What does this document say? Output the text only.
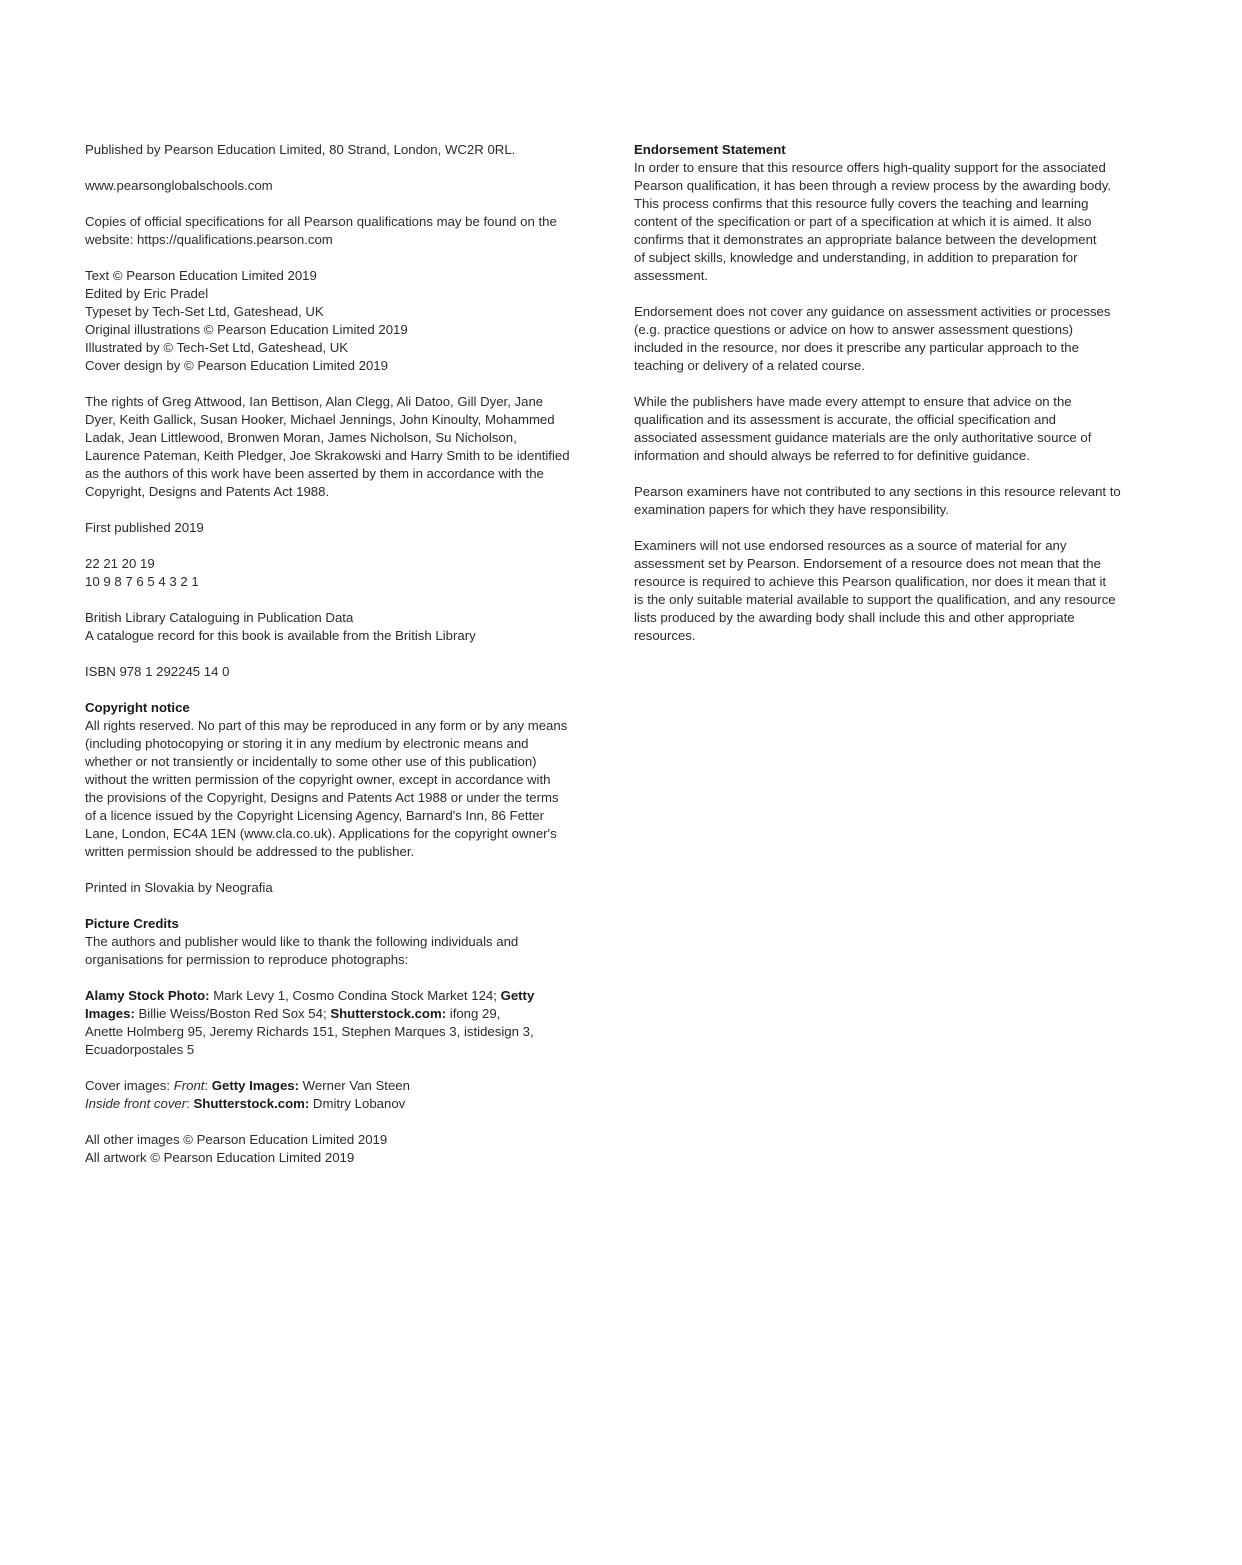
Published by Pearson Education Limited, 80 Strand, London, WC2R 0RL.

www.pearsonglobalschools.com

Copies of official specifications for all Pearson qualifications may be found on the
website: https://qualifications.pearson.com

Text © Pearson Education Limited 2019
Edited by Eric Pradel
Typeset by Tech-Set Ltd, Gateshead, UK
Original illustrations © Pearson Education Limited 2019
Illustrated by © Tech-Set Ltd, Gateshead, UK
Cover design by © Pearson Education Limited 2019

The rights of Greg Attwood, Ian Bettison, Alan Clegg, Ali Datoo, Gill Dyer, Jane
Dyer, Keith Gallick, Susan Hooker, Michael Jennings, John Kinoulty, Mohammed
Ladak, Jean Littlewood, Bronwen Moran, James Nicholson, Su Nicholson,
Laurence Pateman, Keith Pledger, Joe Skrakowski and Harry Smith to be identified
as the authors of this work have been asserted by them in accordance with the
Copyright, Designs and Patents Act 1988.

First published 2019

22 21 20 19
10 9 8 7 6 5 4 3 2 1

British Library Cataloguing in Publication Data
A catalogue record for this book is available from the British Library

ISBN 978 1 292245 14 0

Copyright notice
All rights reserved. No part of this may be reproduced in any form or by any means
(including photocopying or storing it in any medium by electronic means and
whether or not transiently or incidentally to some other use of this publication)
without the written permission of the copyright owner, except in accordance with
the provisions of the Copyright, Designs and Patents Act 1988 or under the terms
of a licence issued by the Copyright Licensing Agency, Barnard's Inn, 86 Fetter
Lane, London, EC4A 1EN (www.cla.co.uk). Applications for the copyright owner's
written permission should be addressed to the publisher.

Printed in Slovakia by Neografia

Picture Credits
The authors and publisher would like to thank the following individuals and
organisations for permission to reproduce photographs:

Alamy Stock Photo: Mark Levy 1, Cosmo Condina Stock Market 124; Getty
Images: Billie Weiss/Boston Red Sox 54; Shutterstock.com: ifong 29,
Anette Holmberg 95, Jeremy Richards 151, Stephen Marques 3, istidesign 3,
Ecuadorpostales 5

Cover images: Front: Getty Images: Werner Van Steen
Inside front cover: Shutterstock.com: Dmitry Lobanov

All other images © Pearson Education Limited 2019
All artwork © Pearson Education Limited 2019

Endorsement Statement
In order to ensure that this resource offers high-quality support for the associated
Pearson qualification, it has been through a review process by the awarding body.
This process confirms that this resource fully covers the teaching and learning
content of the specification or part of a specification at which it is aimed. It also
confirms that it demonstrates an appropriate balance between the development
of subject skills, knowledge and understanding, in addition to preparation for
assessment.

Endorsement does not cover any guidance on assessment activities or processes
(e.g. practice questions or advice on how to answer assessment questions)
included in the resource, nor does it prescribe any particular approach to the
teaching or delivery of a related course.

While the publishers have made every attempt to ensure that advice on the
qualification and its assessment is accurate, the official specification and
associated assessment guidance materials are the only authoritative source of
information and should always be referred to for definitive guidance.

Pearson examiners have not contributed to any sections in this resource relevant to
examination papers for which they have responsibility.

Examiners will not use endorsed resources as a source of material for any
assessment set by Pearson. Endorsement of a resource does not mean that the
resource is required to achieve this Pearson qualification, nor does it mean that it
is the only suitable material available to support the qualification, and any resource
lists produced by the awarding body shall include this and other appropriate
resources.
